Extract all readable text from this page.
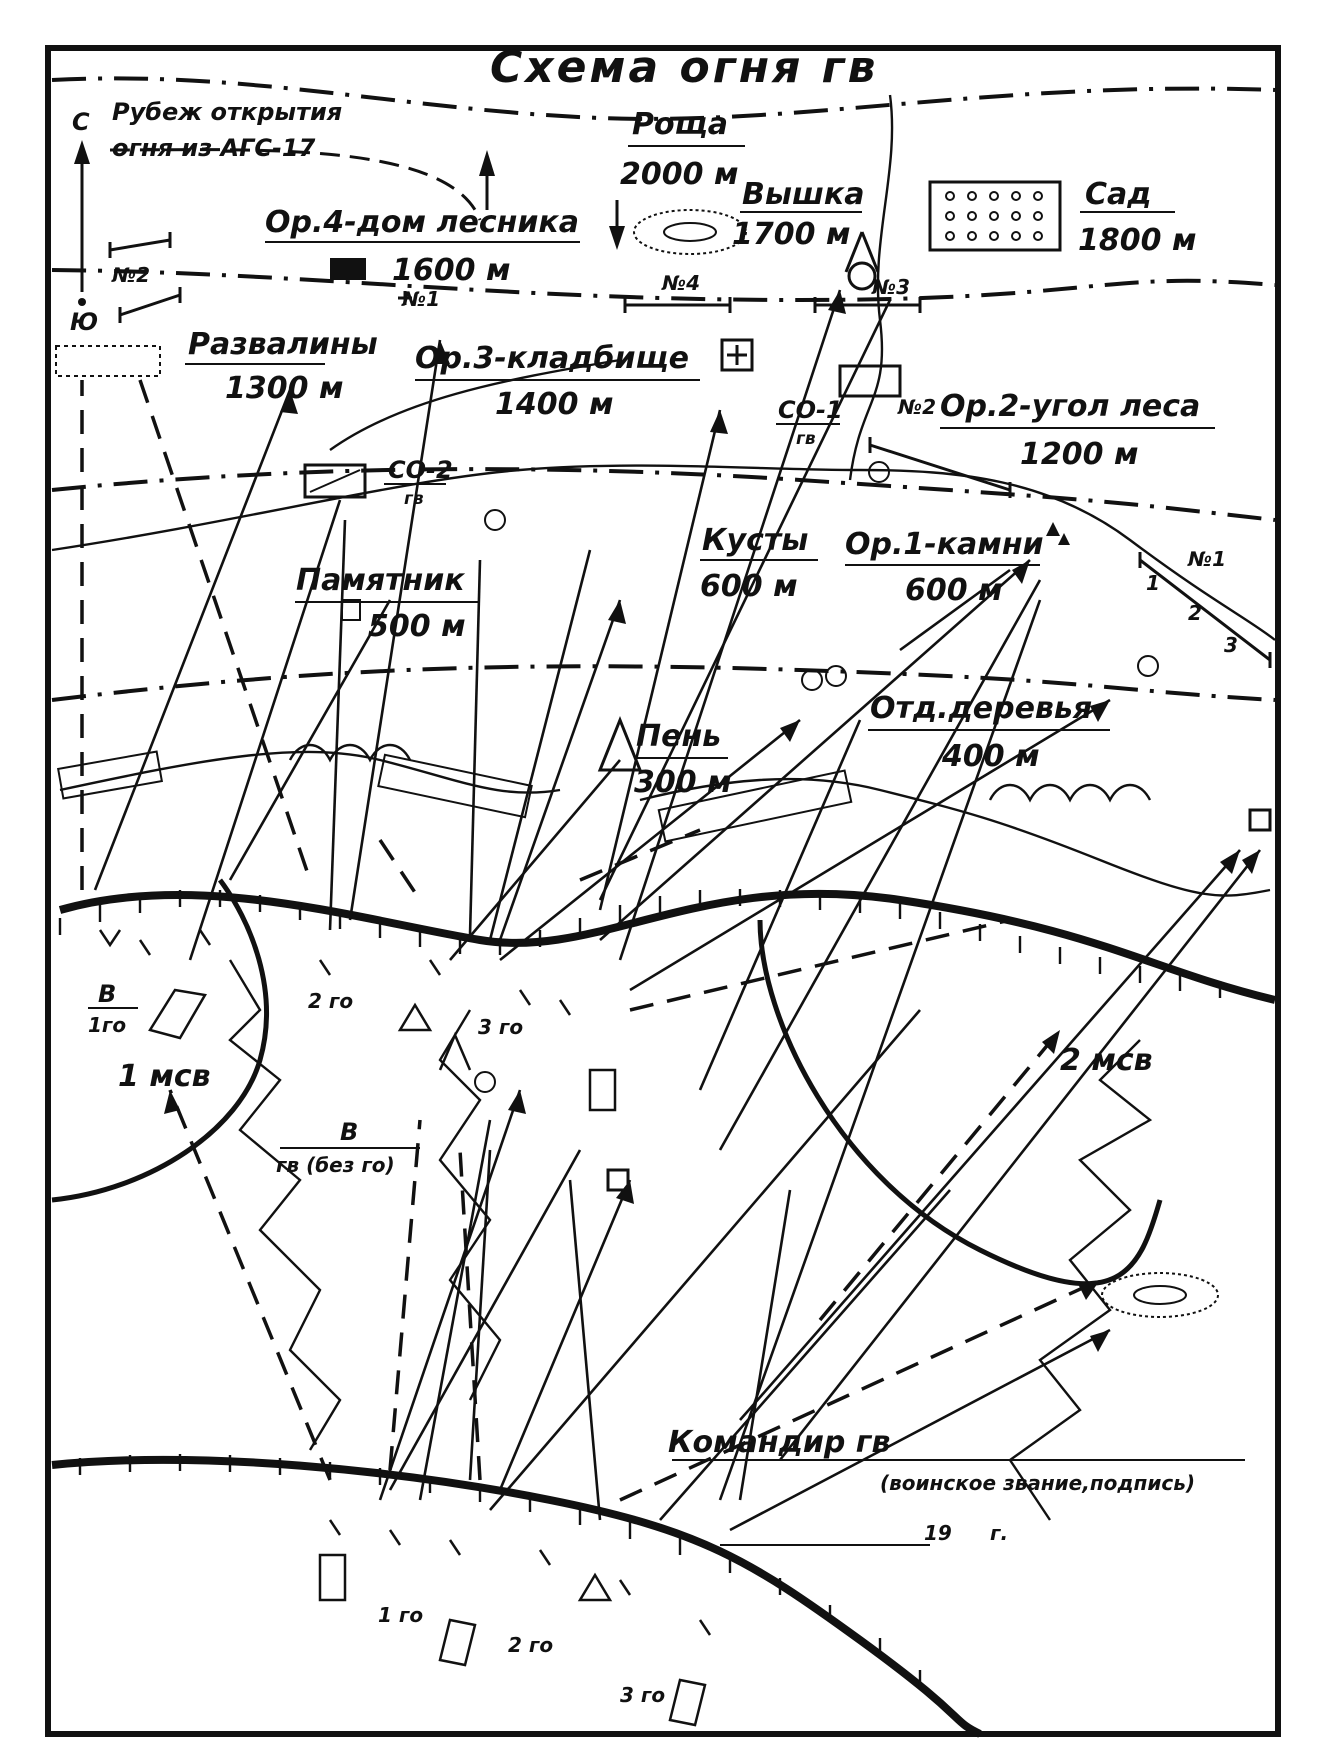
Схема огня гв
С
Ю
Рубеж открытия
огня из АГС-17
Роща
2000 м
Вышка
1700 м
Сад
1800 м
Ор.4-дом лесника
1600 м
Развалины
1300 м
Ор.3-кладбище
1400 м	Ор.2-угол леса
1200 м
Кусты
600 м
Ор.1-камни
600 м
Памятник
500 м
Отд.деревья
400 м
Пень
300 м
№2
№1
№4	№3
№2
№1
1
2
3
СО-2
гв
СО-1
гв
В
1го
В
гв (без го)
1 мсв	2 мсв
2 го
3 го
1 го
2 го
3 го
Командир гв
(воинское звание,подпись)
19 г.
